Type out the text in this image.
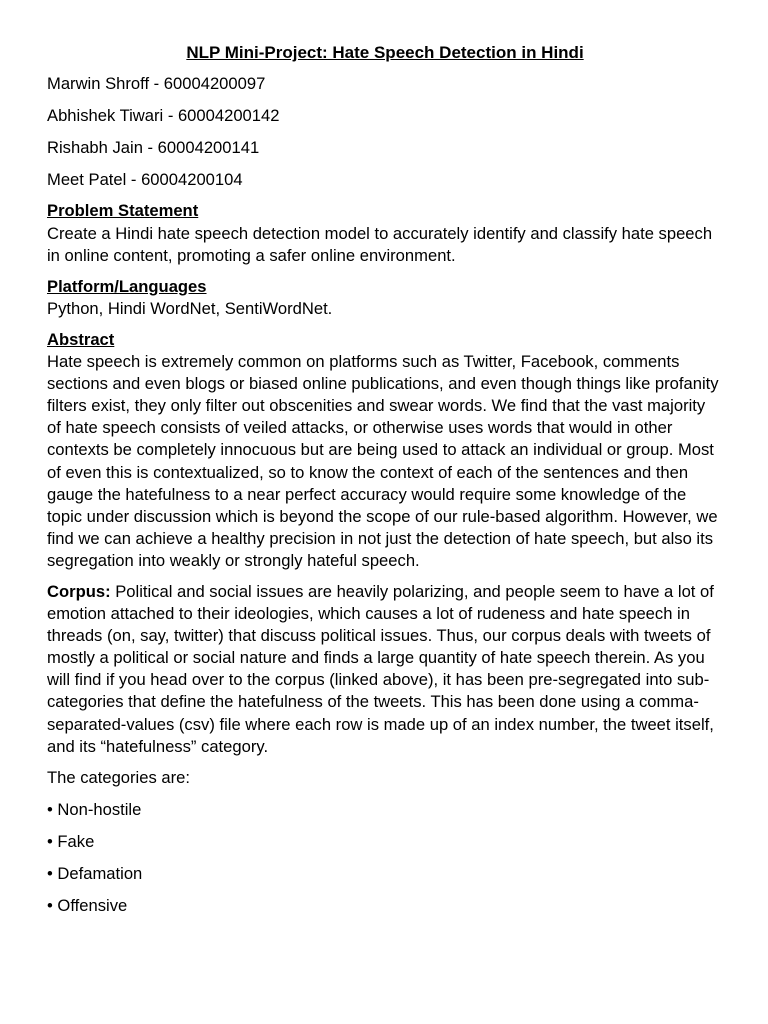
NLP Mini-Project: Hate Speech Detection in Hindi
Marwin Shroff - 60004200097
Abhishek Tiwari - 60004200142
Rishabh Jain - 60004200141
Meet Patel - 60004200104
Problem Statement
Create a Hindi hate speech detection model to accurately identify and classify hate speech in online content, promoting a safer online environment.
Platform/Languages
Python, Hindi WordNet, SentiWordNet.
Abstract
Hate speech is extremely common on platforms such as Twitter, Facebook, comments sections and even blogs or biased online publications, and even though things like profanity filters exist, they only filter out obscenities and swear words. We find that the vast majority of hate speech consists of veiled attacks, or otherwise uses words that would in other contexts be completely innocuous but are being used to attack an individual or group. Most of even this is contextualized, so to know the context of each of the sentences and then gauge the hatefulness to a near perfect accuracy would require some knowledge of the topic under discussion which is beyond the scope of our rule-based algorithm. However, we find we can achieve a healthy precision in not just the detection of hate speech, but also its segregation into weakly or strongly hateful speech.
Corpus: Political and social issues are heavily polarizing, and people seem to have a lot of emotion attached to their ideologies, which causes a lot of rudeness and hate speech in threads (on, say, twitter) that discuss political issues. Thus, our corpus deals with tweets of mostly a political or social nature and finds a large quantity of hate speech therein. As you will find if you head over to the corpus (linked above), it has been pre-segregated into sub-categories that define the hatefulness of the tweets. This has been done using a comma-separated-values (csv) file where each row is made up of an index number, the tweet itself, and its “hatefulness” category.
The categories are:
• Non-hostile
• Fake
• Defamation
• Offensive
